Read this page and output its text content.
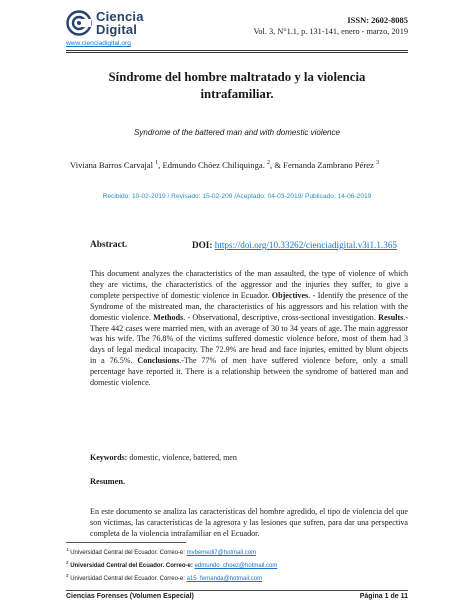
Ciencia
Digital
www.cienciadigital.org
ISSN: 2602-8085
Vol. 3, N°1.1, p. 131-141, enero - marzo, 2019
Síndrome del hombre maltratado y la violencia
intrafamiliar.
Syndrome of the battered man and with domestic violence
Viviana Barros Carvajal $^1$, Edmundo Chóez Chiliquinga. $^2$, & Fernanda Zambrano Pérez $^3$
Recibido: 10-02-2019 / Revisado: 15-02-209 /Aceptado: 04-03-2019/ Publicado: 14-06-2019
Abstract.	DOI: https://doi.org/10.33262/cienciadigital.v3i1.1.365
This document analyzes the characteristics of the man assaulted, the type of violence of which they are victims, the characteristics of the aggressor and the injuries they suffer, to give a complete perspective of domestic violence in Ecuador. Objectives. - Identify the presence of the Syndrome of the mistreated man, the characteristics of his aggressors and his relation with the domestic violence. Methods. - Observational, descriptive, cross-sectional investigation. Results.-There 442 cases were married men, with an average of 30 to 34 years of age. The main aggressor was his wife. The 76.8% of the victims suffered domestic violence before, most of them had 3 days of legal medical incapacity. The 72.9% are head and face injuries, emitted by blunt objects in a 76.5%. Conclusions.-The 77% of men have suffered violence before, only a small percentage have reported it. There is a relationship between the syndrome of battered man and domestic violence.
Keywords: domestic, violence, battered, men
Resumen.
En este documento se analiza las características del hombre agredido, el tipo de violencia del que son víctimas, las características de la agresora y las lesiones que sufren, para dar una perspectiva completa de la violencia intrafamiliar en el Ecuador.
$^1$ Universidad Central del Ecuador. Correo-e: mvbemedi7@hotmail.com
$^2$ Universidad Central del Ecuador. Correo-e: edmundo_choez@hotmail.com
$^3$ Universidad Central del Ecuador. Correo-e: a15_fernanda@hotmail.com
Ciencias Forenses (Volumen Especial)	Página 1 de 11
